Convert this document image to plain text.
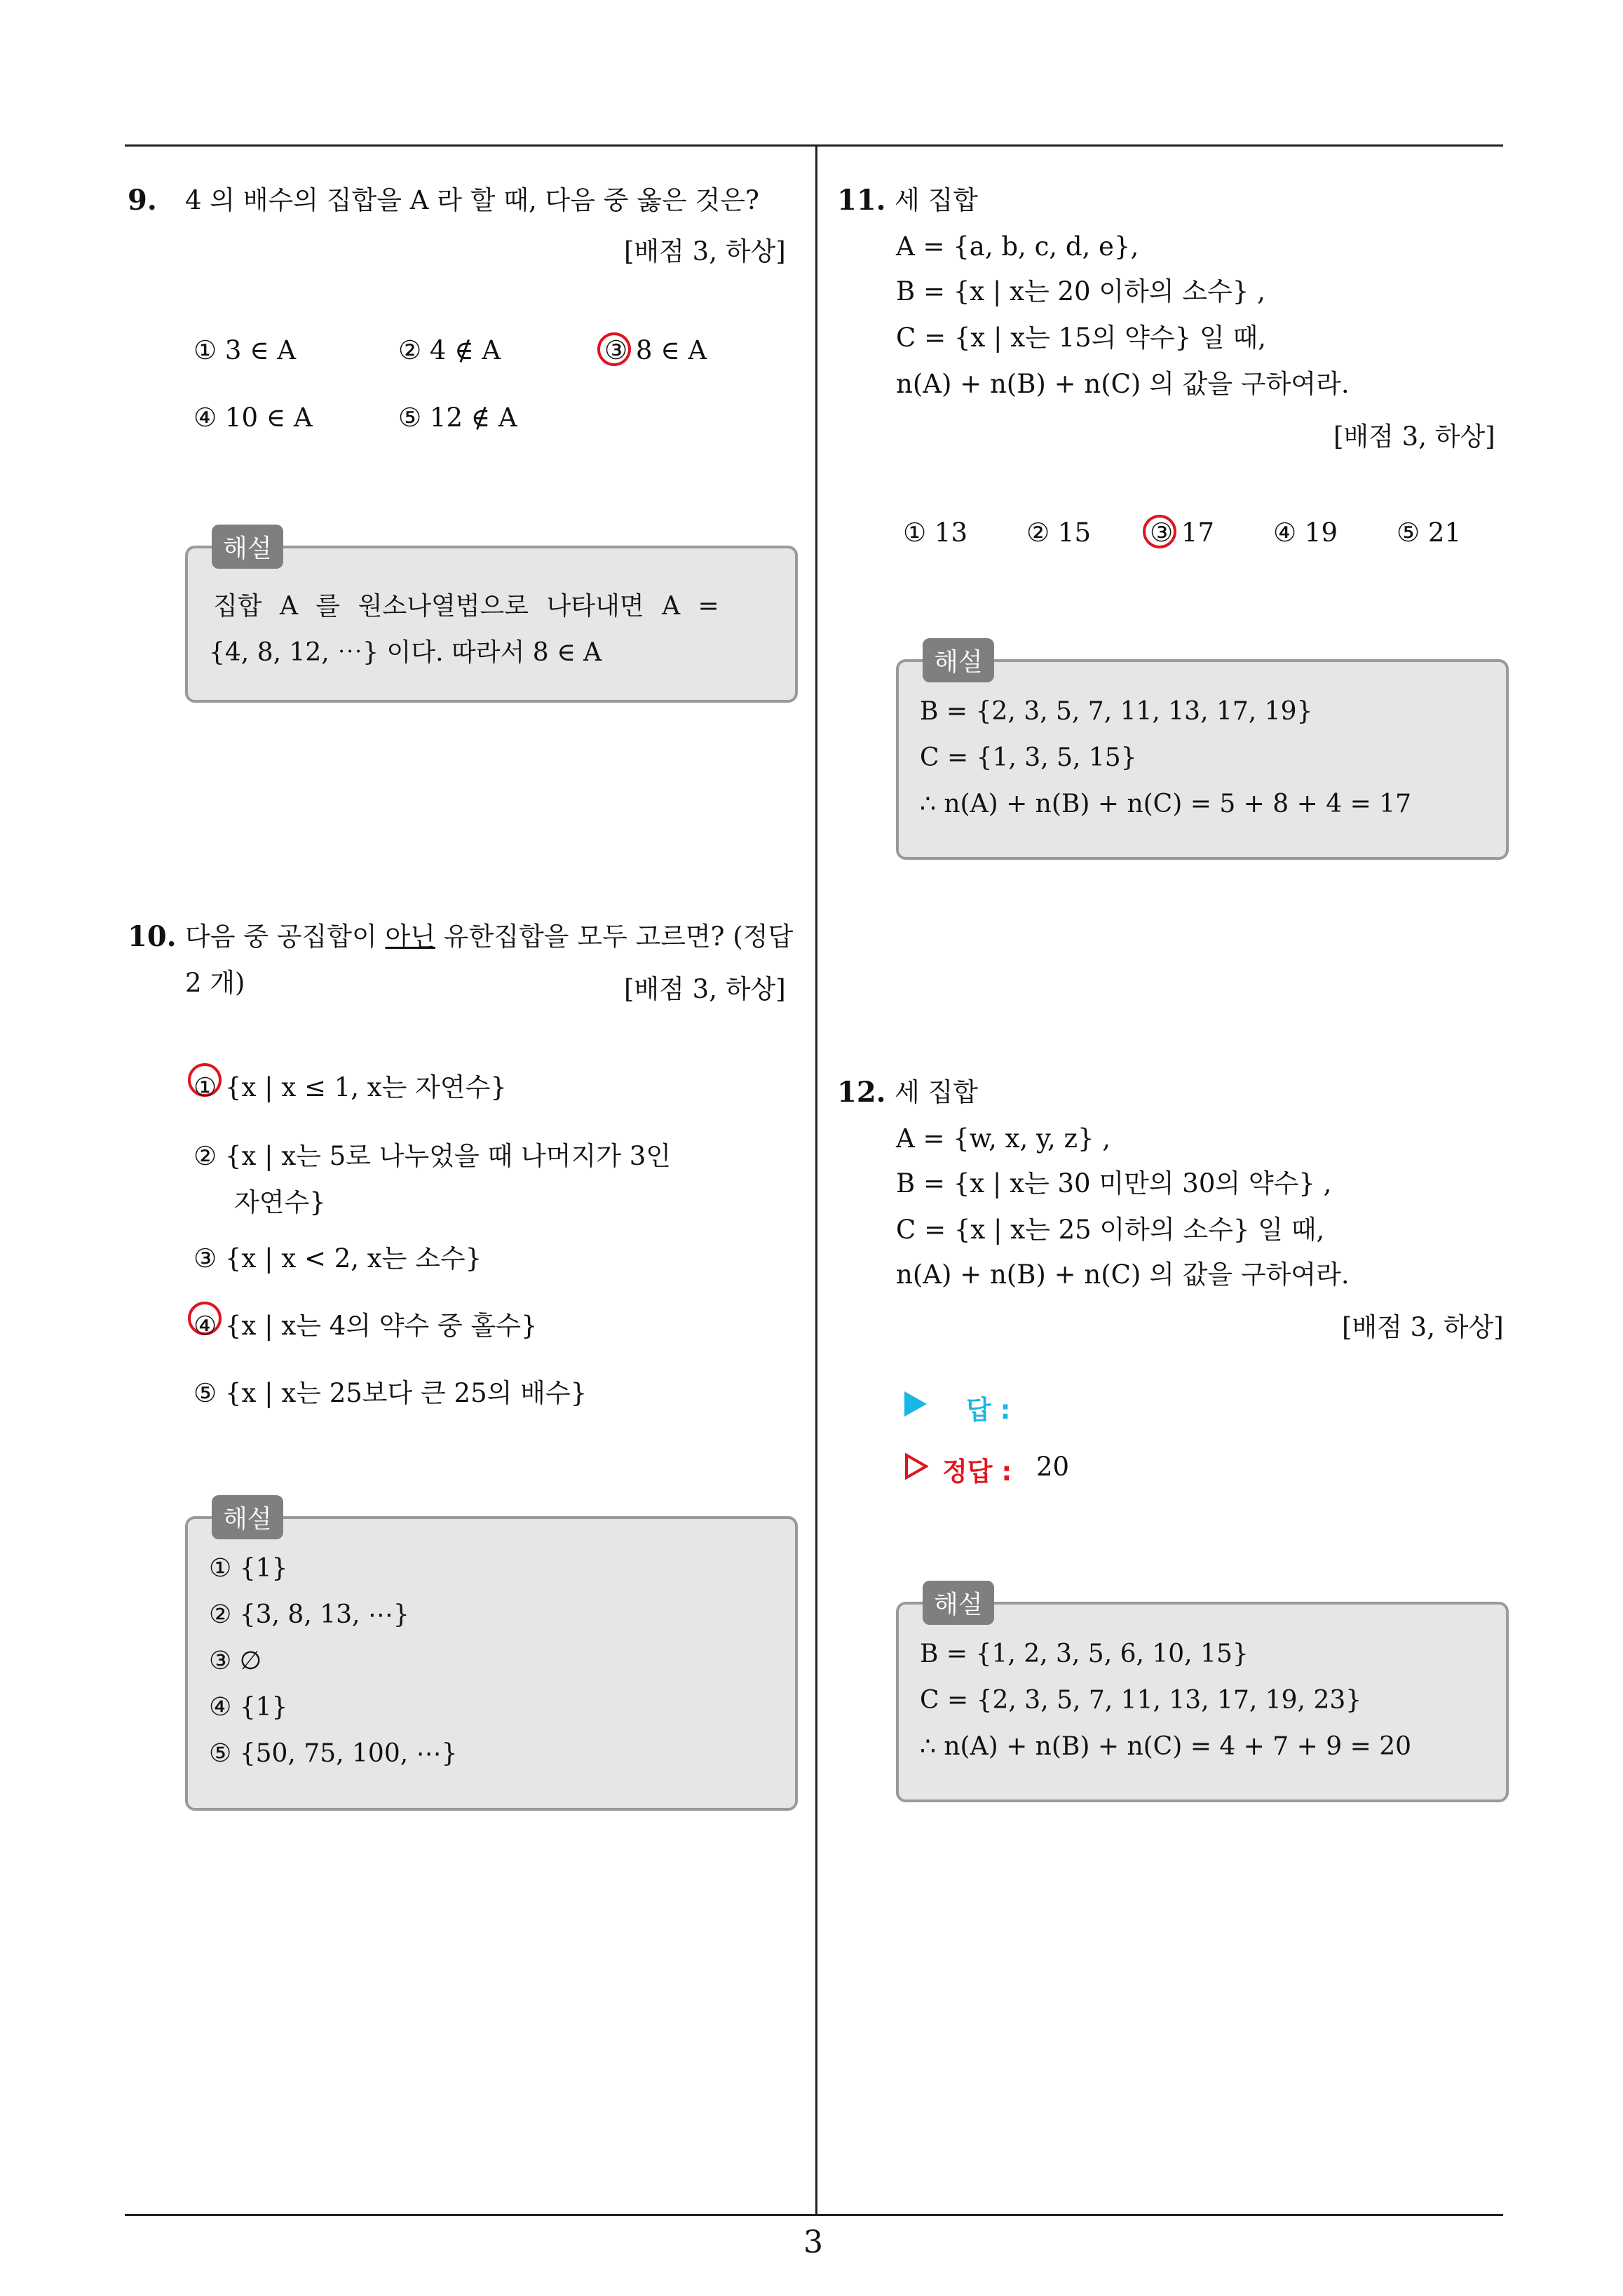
9. 4 의 배수의 집합을 A 라 할 때, 다음 중 옳은 것은?
[배점 3, 하상]
① 3 ∈ A	② 4 ∉ A	③ 8 ∈ A
④ 10 ∈ A	⑤ 12 ∉ A
해설
집합 A 를 원소나열법으로 나타내면 A =
{4, 8, 12, ⋯} 이다. 따라서 8 ∈ A
10. 다음 중 공집합이 아닌 유한집합을 모두 고르면? (정답
2 개)	[배점 3, 하상]
① {x | x ≤ 1, x는 자연수}
② {x | x는 5로 나누었을 때 나머지가 3인
자연수}
③ {x | x < 2, x는 소수}
④ {x | x는 4의 약수 중 홀수}
⑤ {x | x는 25보다 큰 25의 배수}
해설
① {1}
② {3, 8, 13, ⋯}
③ ∅
④ {1}
⑤ {50, 75, 100, ⋯}
11. 세 집합
A = {a, b, c, d, e},
B = {x | x는 20 이하의 소수} ,
C = {x | x는 15의 약수} 일 때,
n(A) + n(B) + n(C) 의 값을 구하여라.
[배점 3, 하상]
① 13 ② 15 ③ 17 ④ 19 ⑤ 21
해설
B = {2, 3, 5, 7, 11, 13, 17, 19}
C = {1, 3, 5, 15}
∴ n(A) + n(B) + n(C) = 5 + 8 + 4 = 17
12. 세 집합
A = {w, x, y, z} ,
B = {x | x는 30 미만의 30의 약수} ,
C = {x | x는 25 이하의 소수} 일 때,
n(A) + n(B) + n(C) 의 값을 구하여라.
[배점 3, 하상]
답 :
정답 : 20
해설
B = {1, 2, 3, 5, 6, 10, 15}
C = {2, 3, 5, 7, 11, 13, 17, 19, 23}
∴ n(A) + n(B) + n(C) = 4 + 7 + 9 = 20
3
